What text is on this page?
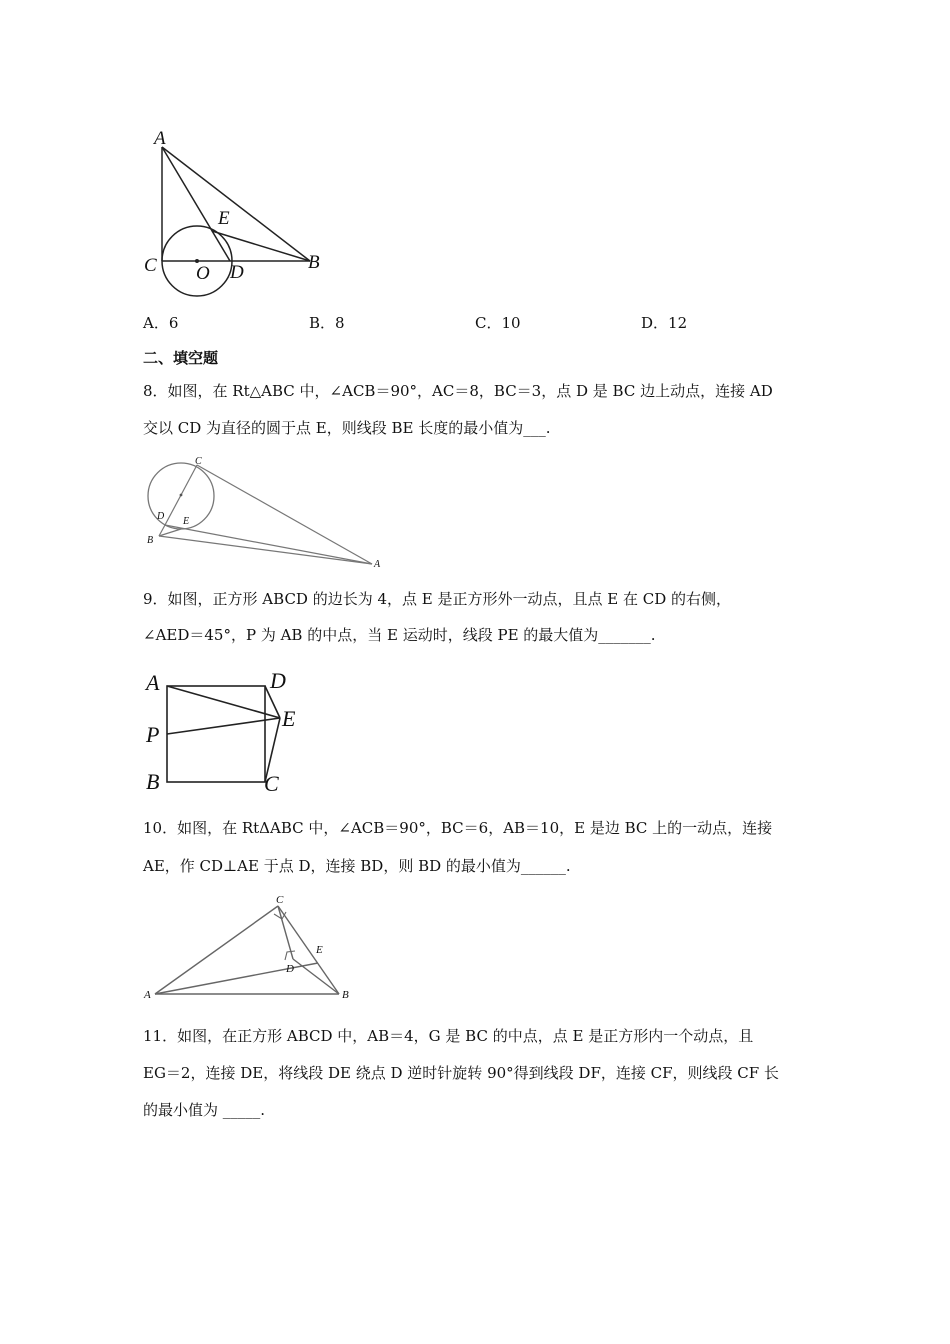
A
C O D	B
E
A．6	B．8	C．10	D．12
二、填空题
8．如图，在 Rt△ABC 中，∠ACB＝90°，AC＝8，BC＝3，点 D 是 BC 边上动点，连接 AD
交以 CD 为直径的圆于点 E，则线段 BE 长度的最小值为___.
C
D E
B
A
9．如图，正方形 ABCD 的边长为 4，点 E 是正方形外一动点，且点 E 在 CD 的右侧，
∠AED＝45°，P 为 AB 的中点，当 E 运动时，线段 PE 的最大值为_______.
A	D
E
P
B	C
10．如图，在 RtΔABC 中，∠ACB＝90°，BC＝6，AB＝10，E 是边 BC 上的一动点，连接
AE，作 CD⊥AE 于点 D，连接 BD，则 BD 的最小值为______.
C
E
D
A	B
11．如图，在正方形 ABCD 中，AB＝4，G 是 BC 的中点，点 E 是正方形内一个动点，且
EG＝2，连接 DE，将线段 DE 绕点 D 逆时针旋转 90°得到线段 DF，连接 CF，则线段 CF 长
的最小值为 _____.
